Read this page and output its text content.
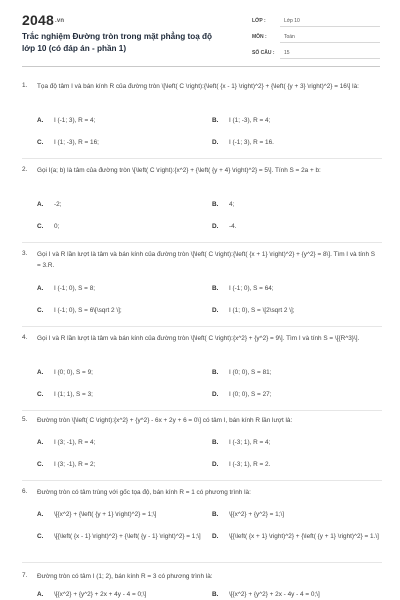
2048.vn
Trắc nghiệm Đường tròn trong mặt phẳng toạ độ lớp 10 (có đáp án - phần 1)
LỚP :	Lớp 10
MÔN :	Toán
SỐ CÂU : 15
1. Tọa độ tâm I và bán kính R của đường tròn \[\left( C \right):{\left( {x - 1} \right)^2} + {\left( {y + 3} \right)^2} = 16\] là:
A. I (-1; 3), R = 4;	B. I (1; -3), R = 4;
C. I (1; -3), R = 16;	D. I (-1; 3), R = 16.
2. Gọi I(a; b) là tâm của đường tròn \[\left( C \right):{x^2} + {\left( {y + 4} \right)^2} = 5\]. Tính S = 2a + b:
A. -2;	B. 4;
C. 0;	D. -4.
3. Gọi I và R lần lượt là tâm và bán kính của đường tròn \[\left( C \right):{\left( {x + 1} \right)^2} + {y^2} = 8\]. Tìm I và tính S = 3.R.
A. I (-1; 0), S = 8;	B. I (-1; 0), S = 64;
C. I (-1; 0), S = 6\[\sqrt 2 \];	D. I (1; 0), S = \[2\sqrt 2 \];
4. Gọi I và R lần lượt là tâm và bán kính của đường tròn \[\left( C \right):{x^2} + {y^2} = 9\]. Tìm I và tính S = \[{R^3}\].
A. I (0; 0), S = 9;	B. I (0; 0), S = 81;
C. I (1; 1), S = 3;	D. I (0; 0), S = 27;
5. Đường tròn \[\left( C \right):{x^2} + {y^2} - 6x + 2y + 6 = 0\] có tâm I, bán kính R lần lượt là:
A. I (3; -1), R = 4;	B. I (-3; 1), R = 4;
C. I (3; -1), R = 2;	D. I (-3; 1), R = 2.
6. Đường tròn có tâm trùng với gốc tọa độ, bán kính R = 1 có phương trình là:
A. \[{x^2} + {\left( {y + 1} \right)^2} = 1;\]	B. \[{x^2} + {y^2} = 1;\]
C. \[{\left( {x - 1} \right)^2} + {\left( {y - 1} \right)^2} = 1;\]	D. \[{\left( {x + 1} \right)^2} + {\left( {y + 1} \right)^2} = 1.\]
7. Đường tròn có tâm I (1; 2), bán kính R = 3 có phương trình là:
A. \[{x^2} + {y^2} + 2x + 4y - 4 = 0;\]	B. \[{x^2} + {y^2} + 2x - 4y - 4 = 0;\]
